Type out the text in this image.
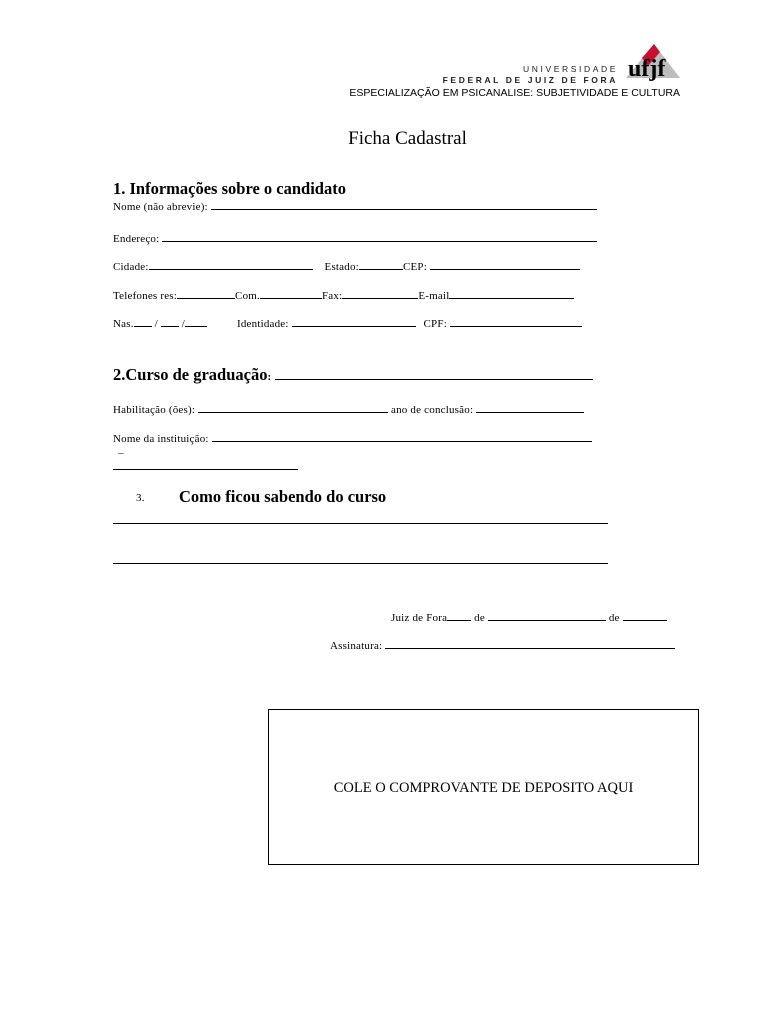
UNIVERSIDADE
FEDERAL DE JUIZ DE FORA ufjf
ESPECIALIZAÇÃO EM PSICANALISE: SUBJETIVIDADE E CULTURA
Ficha Cadastral
1. Informações sobre o candidato
Nome (não abrevie):
Endereço:
Cidade:	Estado:	CEP:
Telefones res:	Com.	Fax:	E-mail
Nas. / /	Identidade:	CPF:
2.Curso de graduação:
Habilitação (ões):	ano de conclusão:
Nome da instituição:
–
3. Como ficou sabendo do curso
Juiz de Fora de	de
Assinatura:
COLE O COMPROVANTE DE DEPOSITO AQUI
